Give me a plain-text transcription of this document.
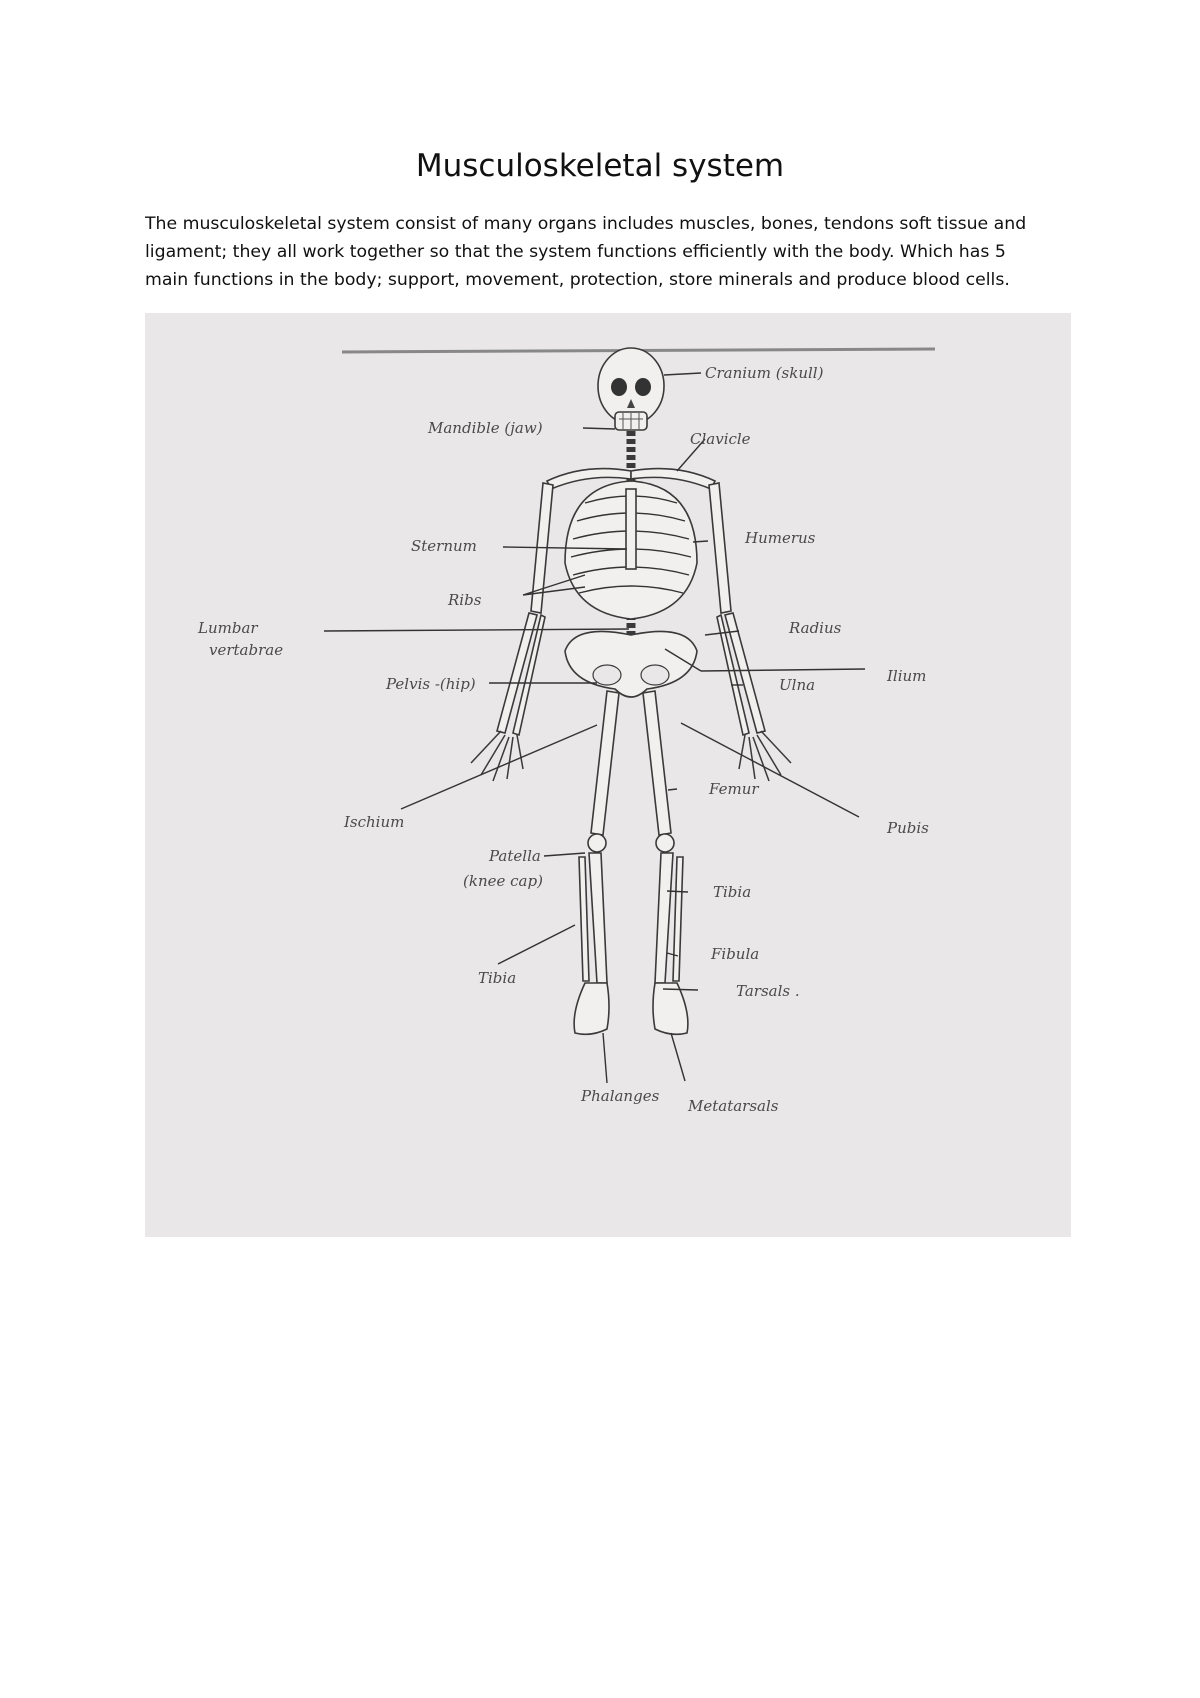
Musculoskeletal system
The musculoskeletal system consist of many organs includes muscles, bones, tendons soft tissue and
ligament; they all work together so that the system functions efficiently with the body. Which has 5
main functions in the body; support, movement, protection, store minerals and produce blood cells.
Cranium (skull)
Mandible (jaw)
Clavicle
Sternum	Humerus
Ribs
Lumbar
vertabrae
Radius
Ilium
Pelvis -(hip)	Ulna
Femur
Ischium	Pubis
Patella
(knee cap)
Tibia
Fibula
Tibia
Tarsals .
Phalanges
Metatarsals
